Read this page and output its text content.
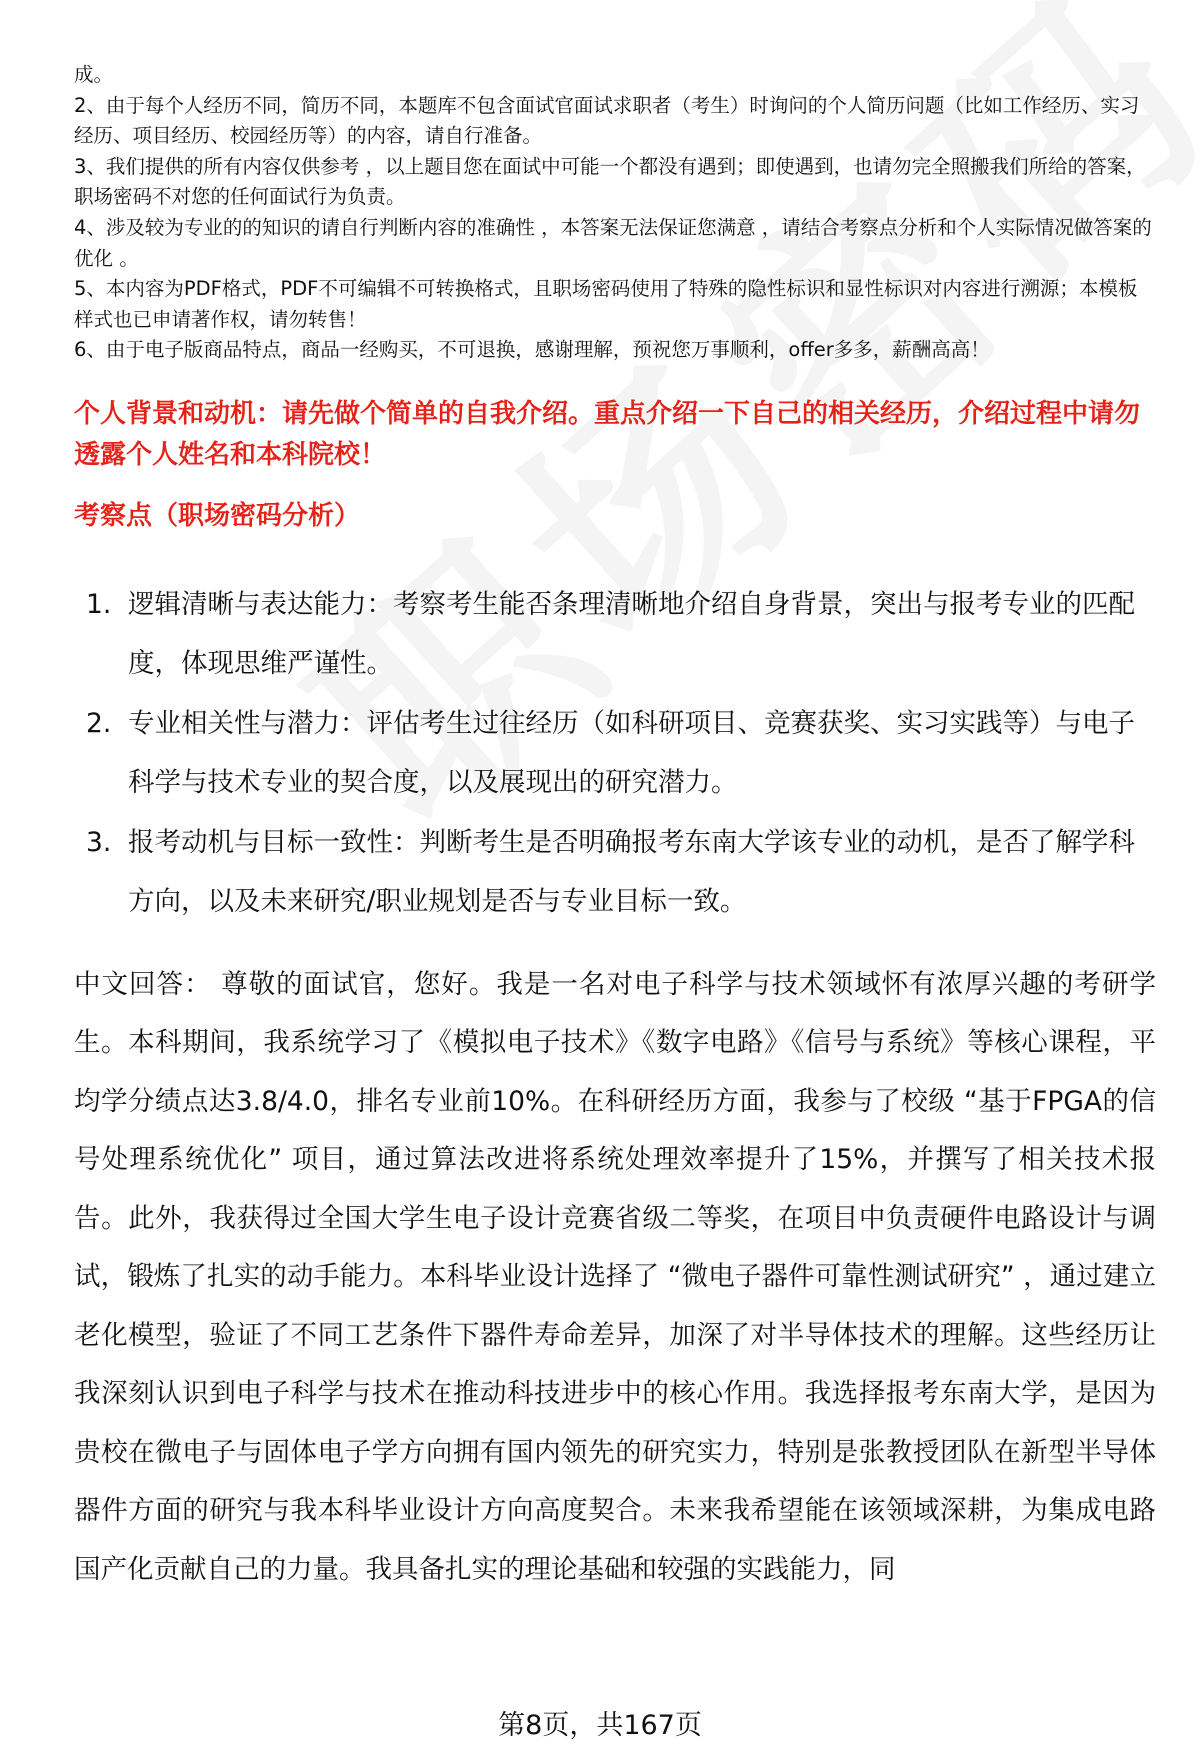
成。
2、由于每个人经历不同，简历不同，本题库不包含面试官面试求职者（考生）时询问的个人简历问题（比如工作经历、实习经历、项目经历、校园经历等）的内容，请自行准备。
3、我们提供的所有内容仅供参考 ，以上题目您在面试中可能一个都没有遇到；即使遇到，也请勿完全照搬我们所给的答案，职场密码不对您的任何面试行为负责。
4、涉及较为专业的的知识的请自行判断内容的准确性 ，本答案无法保证您满意 ，请结合考察点分析和个人实际情况做答案的优化 。
5、本内容为PDF格式，PDF不可编辑不可转换格式，且职场密码使用了特殊的隐性标识和显性标识对内容进行溯源；本模板样式也已申请著作权，请勿转售！
6、由于电子版商品特点，商品一经购买，不可退换，感谢理解，预祝您万事顺利，offer多多，薪酬高高！
个人背景和动机：请先做个简单的自我介绍。重点介绍一下自己的相关经历，介绍过程中请勿透露个人姓名和本科院校！
考察点（职场密码分析）
1. 逻辑清晰与表达能力：考察考生能否条理清晰地介绍自身背景，突出与报考专业的匹配度，体现思维严谨性。
2. 专业相关性与潜力：评估考生过往经历（如科研项目、竞赛获奖、实习实践等）与电子科学与技术专业的契合度，以及展现出的研究潜力。
3. 报考动机与目标一致性：判断考生是否明确报考东南大学该专业的动机，是否了解学科方向，以及未来研究/职业规划是否与专业目标一致。

中文回答： 尊敬的面试官，您好。我是一名对电子科学与技术领域怀有浓厚兴趣的考研学生。本科期间，我系统学习了《模拟电子技术》《数字电路》《信号与系统》等核心课程，平均学分绩点达3.8/4.0，排名专业前10%。在科研经历方面，我参与了校级 “基于FPGA的信号处理系统优化” 项目，通过算法改进将系统处理效率提升了15%，并撰写了相关技术报告。此外，我获得过全国大学生电子设计竞赛省级二等奖，在项目中负责硬件电路设计与调试，锻炼了扎实的动手能力。本科毕业设计选择了 “微电子器件可靠性测试研究” ，通过建立老化模型，验证了不同工艺条件下器件寿命差异，加深了对半导体技术的理解。这些经历让我深刻认识到电子科学与技术在推动科技进步中的核心作用。我选择报考东南大学，是因为贵校在微电子与固体电子学方向拥有国内领先的研究实力，特别是张教授团队在新型半导体器件方面的研究与我本科毕业设计方向高度契合。未来我希望能在该领域深耕，为集成电路国产化贡献自己的力量。我具备扎实的理论基础和较强的实践能力，同

第8页，共167页
